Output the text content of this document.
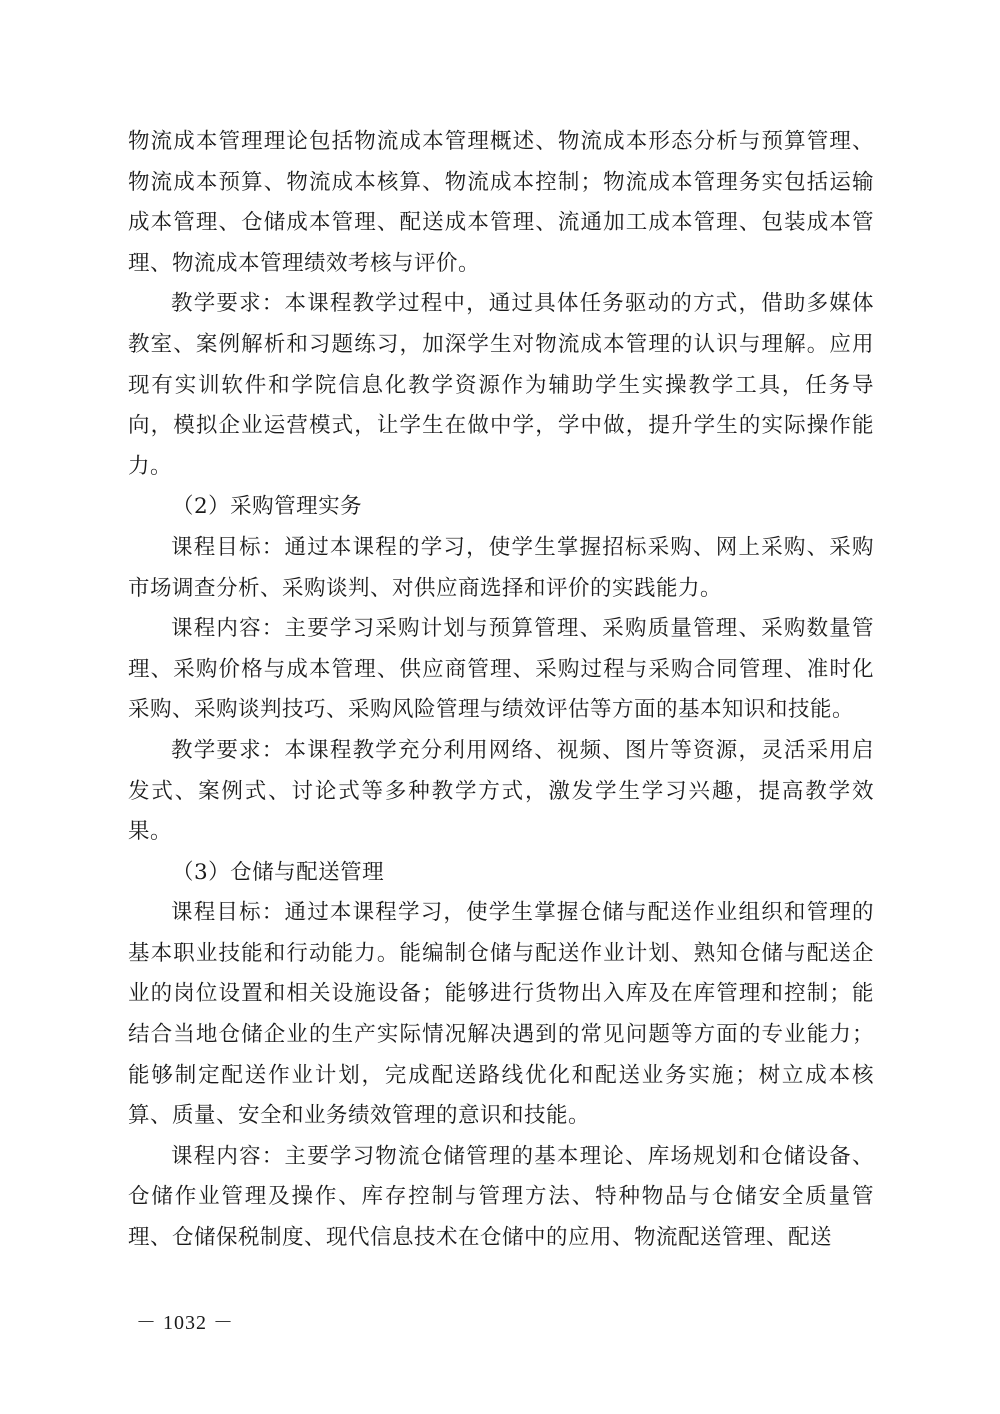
物流成本管理理论包括物流成本管理概述、物流成本形态分析与预算管理、物流成本预算、物流成本核算、物流成本控制；物流成本管理务实包括运输成本管理、仓储成本管理、配送成本管理、流通加工成本管理、包装成本管理、物流成本管理绩效考核与评价。

教学要求：本课程教学过程中，通过具体任务驱动的方式，借助多媒体教室、案例解析和习题练习，加深学生对物流成本管理的认识与理解。应用现有实训软件和学院信息化教学资源作为辅助学生实操教学工具，任务导向，模拟企业运营模式，让学生在做中学，学中做，提升学生的实际操作能力。

（2）采购管理实务

课程目标：通过本课程的学习，使学生掌握招标采购、网上采购、采购市场调查分析、采购谈判、对供应商选择和评价的实践能力。

课程内容：主要学习采购计划与预算管理、采购质量管理、采购数量管理、采购价格与成本管理、供应商管理、采购过程与采购合同管理、准时化采购、采购谈判技巧、采购风险管理与绩效评估等方面的基本知识和技能。

教学要求：本课程教学充分利用网络、视频、图片等资源，灵活采用启发式、案例式、讨论式等多种教学方式，激发学生学习兴趣，提高教学效果。

（3）仓储与配送管理

课程目标：通过本课程学习，使学生掌握仓储与配送作业组织和管理的基本职业技能和行动能力。能编制仓储与配送作业计划、熟知仓储与配送企业的岗位设置和相关设施设备；能够进行货物出入库及在库管理和控制；能结合当地仓储企业的生产实际情况解决遇到的常见问题等方面的专业能力；能够制定配送作业计划，完成配送路线优化和配送业务实施；树立成本核算、质量、安全和业务绩效管理的意识和技能。

课程内容：主要学习物流仓储管理的基本理论、库场规划和仓储设备、仓储作业管理及操作、库存控制与管理方法、特种物品与仓储安全质量管理、仓储保税制度、现代信息技术在仓储中的应用、物流配送管理、配送

－ 1032 －
